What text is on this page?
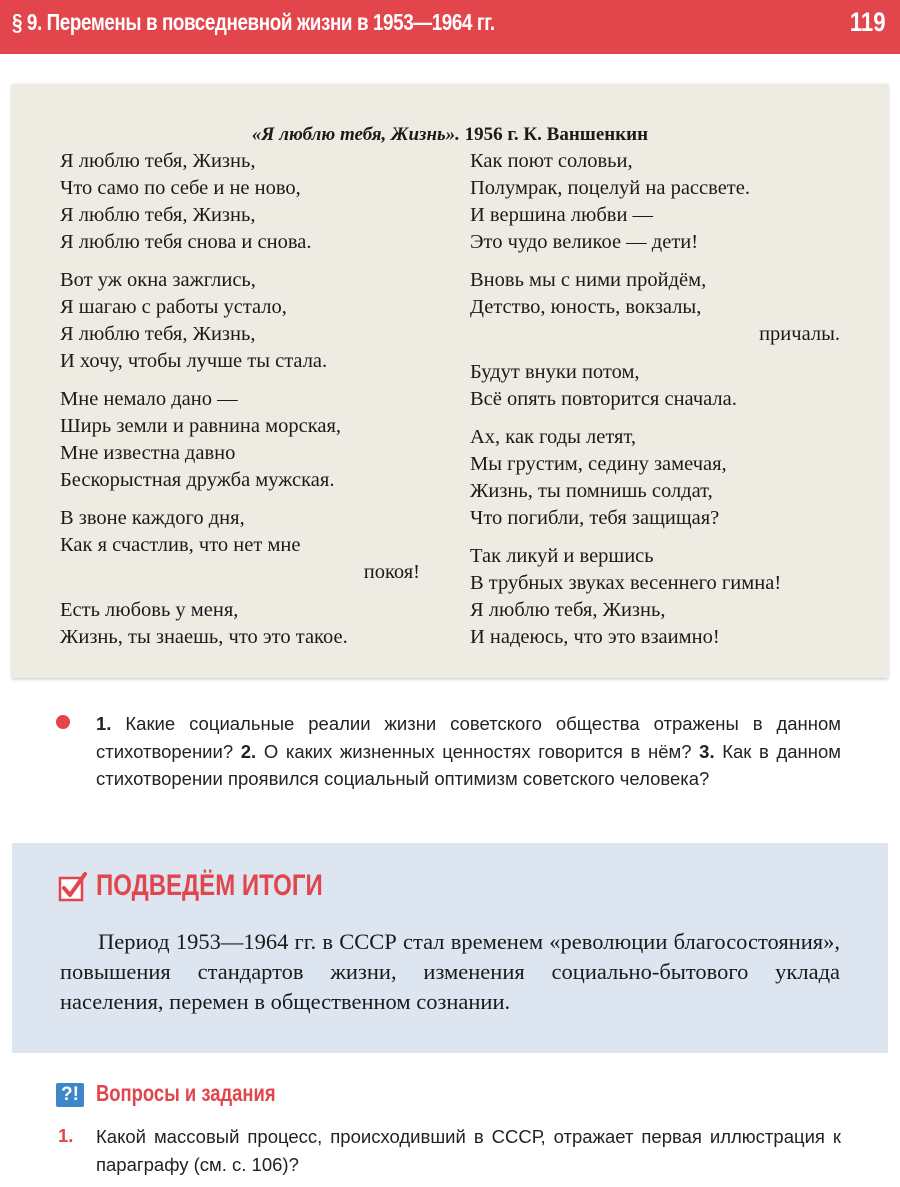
§ 9. Перемены в повседневной жизни в 1953—1964 гг.	119
«Я люблю тебя, Жизнь». 1956 г. К. Ваншенкин
Я люблю тебя, Жизнь,
Что само по себе и не ново,
Я люблю тебя, Жизнь,
Я люблю тебя снова и снова.
Вот уж окна зажглись,
Я шагаю с работы устало,
Я люблю тебя, Жизнь,
И хочу, чтобы лучше ты стала.
Мне немало дано —
Ширь земли и равнина морская,
Мне известна давно
Бескорыстная дружба мужская.
В звоне каждого дня,
Как я счастлив, что нет мне
покоя!
Есть любовь у меня,
Жизнь, ты знаешь, что это такое.
Как поют соловьи,
Полумрак, поцелуй на рассвете.
И вершина любви —
Это чудо великое — дети!
Вновь мы с ними пройдём,
Детство, юность, вокзалы,
причалы.
Будут внуки потом,
Всё опять повторится сначала.
Ах, как годы летят,
Мы грустим, седину замечая,
Жизнь, ты помнишь солдат,
Что погибли, тебя защищая?
Так ликуй и вершись
В трубных звуках весеннего гимна!
Я люблю тебя, Жизнь,
И надеюсь, что это взаимно!
1. Какие социальные реалии жизни советского общества отражены в данном стихотворении? 2. О каких жизненных ценностях говорится в нём? 3. Как в данном стихотворении проявился социальный оптимизм советского человека?
ПОДВЕДЁМ ИТОГИ
Период 1953—1964 гг. в СССР стал временем «революции благосостояния», повышения стандартов жизни, изменения социально-бытового уклада населения, перемен в общественном сознании.
?! Вопросы и задания
1. Какой массовый процесс, происходивший в СССР, отражает первая иллюстрация к параграфу (см. с. 106)?
